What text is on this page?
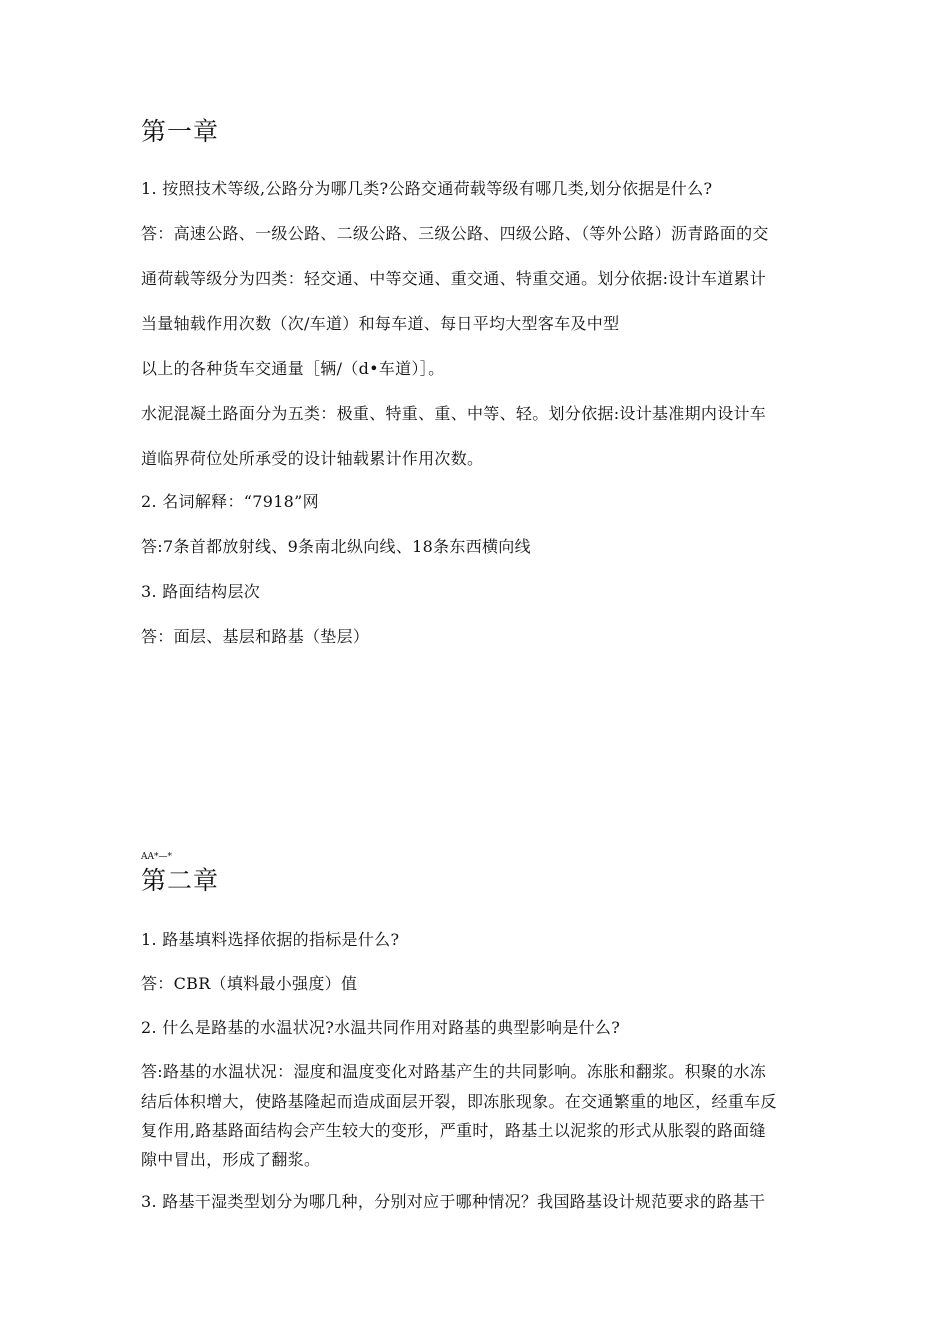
第一章
1. 按照技术等级,公路分为哪几类?公路交通荷载等级有哪几类,划分依据是什么?
答：高速公路、一级公路、二级公路、三级公路、四级公路、（等外公路）沥青路面的交
通荷载等级分为四类：轻交通、中等交通、重交通、特重交通。划分依据:设计车道累计
当量轴载作用次数（次/车道）和每车道、每日平均大型客车及中型
以上的各种货车交通量［辆/（d•车道）］。
水泥混凝土路面分为五类：极重、特重、重、中等、轻。划分依据:设计基准期内设计车
道临界荷位处所承受的设计轴载累计作用次数。
2. 名词解释：“7918”网
答:7条首都放射线、9条南北纵向线、18条东西横向线
3. 路面结构层次
答：面层、基层和路基（垫层）
AA*—*
第二章
1. 路基填料选择依据的指标是什么?
答：CBR（填料最小强度）值
2. 什么是路基的水温状况?水温共同作用对路基的典型影响是什么?
答:路基的水温状况：湿度和温度变化对路基产生的共同影响。冻胀和翻浆。积聚的水冻
结后体积增大，使路基隆起而造成面层开裂，即冻胀现象。在交通繁重的地区，经重车反
复作用,路基路面结构会产生较大的变形，严重时，路基土以泥浆的形式从胀裂的路面缝
隙中冒出，形成了翻浆。
3. 路基干湿类型划分为哪几种，分别对应于哪种情况？我国路基设计规范要求的路基干
